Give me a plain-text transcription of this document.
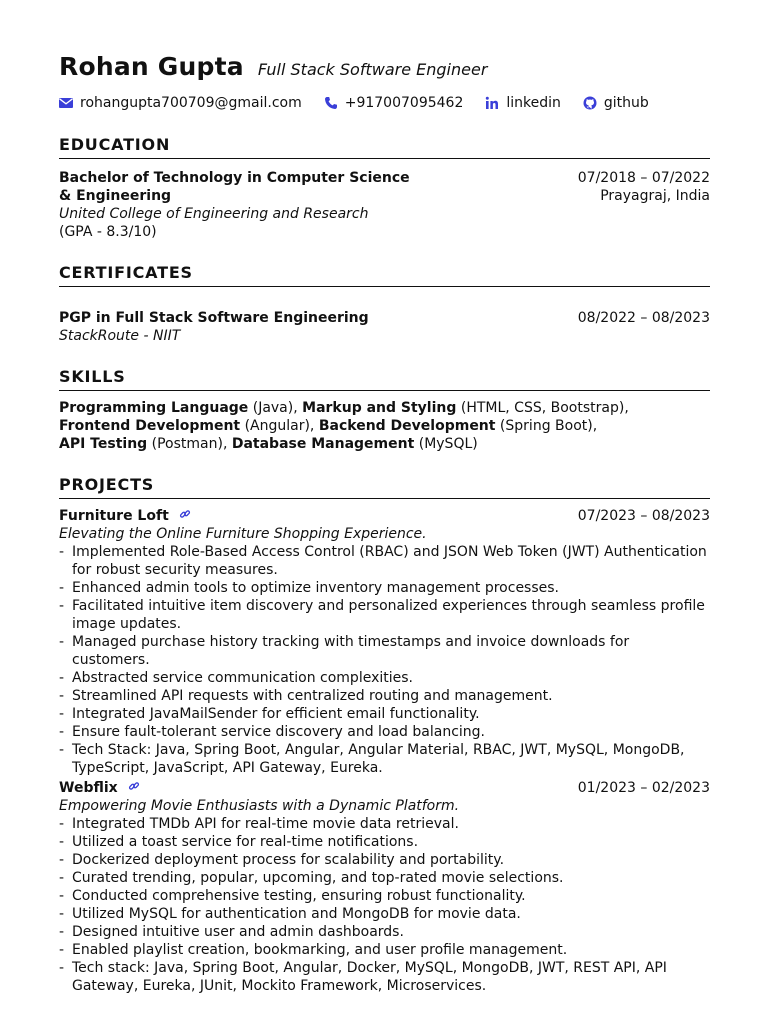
Rohan Gupta Full Stack Software Engineer
rohangupta700709@gmail.com	+917007095462	linkedin	github
EDUCATION
Bachelor of Technology in Computer Science & Engineering
United College of Engineering and Research
(GPA - 8.3/10)
07/2018 – 07/2022
Prayagraj, India
CERTIFICATES
PGP in Full Stack Software Engineering
StackRoute - NIIT
08/2022 – 08/2023
SKILLS
Programming Language (Java), Markup and Styling (HTML, CSS, Bootstrap),
Frontend Development (Angular), Backend Development (Spring Boot),
API Testing (Postman), Database Management (MySQL)
PROJECTS
Furniture Loft	07/2023 – 08/2023
Elevating the Online Furniture Shopping Experience.
- Implemented Role-Based Access Control (RBAC) and JSON Web Token (JWT) Authentication for robust security measures.
- Enhanced admin tools to optimize inventory management processes.
- Facilitated intuitive item discovery and personalized experiences through seamless profile image updates.
- Managed purchase history tracking with timestamps and invoice downloads for customers.
- Abstracted service communication complexities.
- Streamlined API requests with centralized routing and management.
- Integrated JavaMailSender for efficient email functionality.
- Ensure fault-tolerant service discovery and load balancing.
- Tech Stack: Java, Spring Boot, Angular, Angular Material, RBAC, JWT, MySQL, MongoDB, TypeScript, JavaScript, API Gateway, Eureka.
Webflix	01/2023 – 02/2023
Empowering Movie Enthusiasts with a Dynamic Platform.
- Integrated TMDb API for real-time movie data retrieval.
- Utilized a toast service for real-time notifications.
- Dockerized deployment process for scalability and portability.
- Curated trending, popular, upcoming, and top-rated movie selections.
- Conducted comprehensive testing, ensuring robust functionality.
- Utilized MySQL for authentication and MongoDB for movie data.
- Designed intuitive user and admin dashboards.
- Enabled playlist creation, bookmarking, and user profile management.
- Tech stack: Java, Spring Boot, Angular, Docker, MySQL, MongoDB, JWT, REST API, API Gateway, Eureka, JUnit, Mockito Framework, Microservices.
